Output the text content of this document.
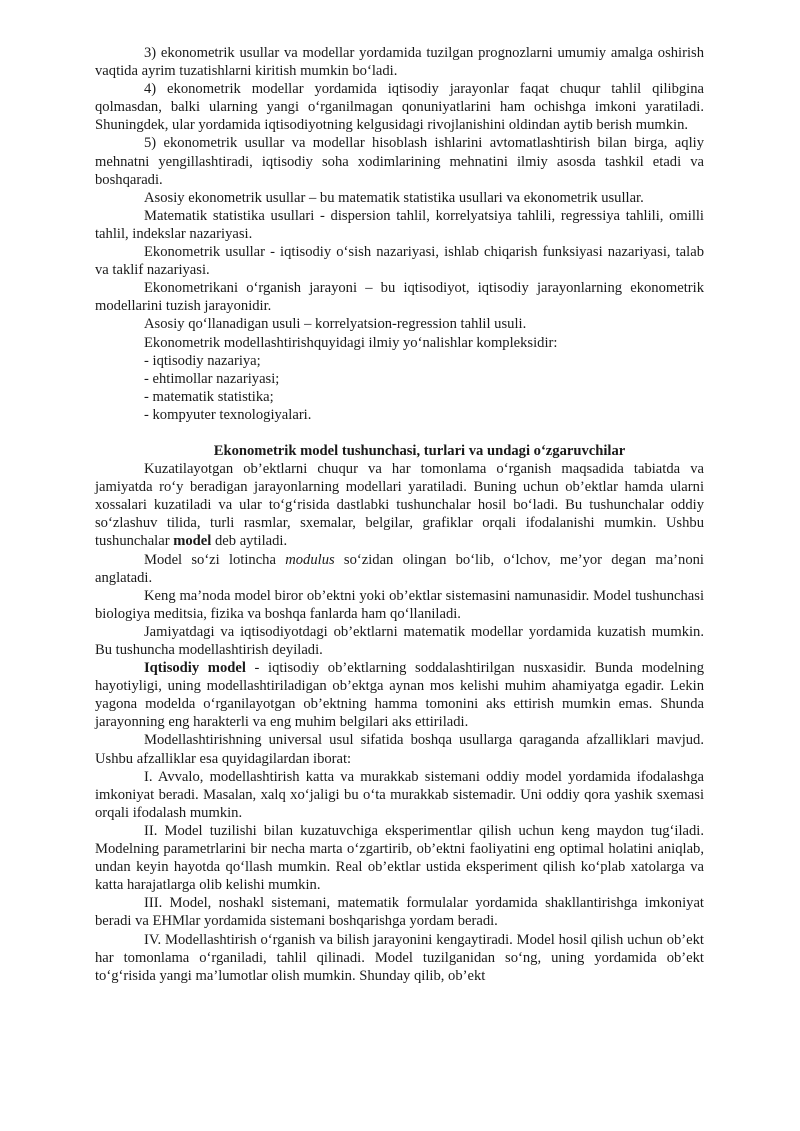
3) ekonometrik usullar va modellar yordamida tuzilgan prognozlarni umumiy amalga oshirish vaqtida ayrim tuzatishlarni kiritish mumkin bo‘ladi.

4) ekonometrik modellar yordamida iqtisodiy jarayonlar faqat chuqur tahlil qilibgina qolmasdan, balki ularning yangi o‘rganilmagan qonuniyatlarini ham ochishga imkoni yaratiladi. Shuningdek, ular yordamida iqtisodiyotning kelgusidagi rivojlanishini oldindan aytib berish mumkin.

5) ekonometrik usullar va modellar hisoblash ishlarini avtomatlashtirish bilan birga, aqliy mehnatni yengillashtiradi, iqtisodiy soha xodimlarining mehnatini ilmiy asosda tashkil etadi va boshqaradi.

Asosiy ekonometrik usullar – bu matematik statistika usullari va ekonometrik usullar.

Matematik statistika usullari - dispersion tahlil, korrelyatsiya tahlili, regressiya tahlili, omilli tahlil, indekslar nazariyasi.

Ekonometrik usullar - iqtisodiy o‘sish nazariyasi, ishlab chiqarish funksiyasi nazariyasi, talab va taklif nazariyasi.

Ekonometrikani o‘rganish jarayoni – bu iqtisodiyot, iqtisodiy jarayonlarning ekonometrik modellarini tuzish jarayonidir.

Asosiy qo‘llanadigan usuli – korrelyatsion-regression tahlil usuli.

Ekonometrik modellashtirishquyidagi ilmiy yo‘nalishlar kompleksidir:

- iqtisodiy nazariya;

- ehtimollar nazariyasi;

- matematik statistika;

- kompyuter texnologiyalari.

Ekonometrik model tushunchasi, turlari va undagi o‘zgaruvchilar

Kuzatilayotgan ob’ektlarni chuqur va har tomonlama o‘rganish maqsadida tabiatda va jamiyatda ro‘y beradigan jarayonlarning modellari yaratiladi. Buning uchun ob’ektlar hamda ularni xossalari kuzatiladi va ular to‘g‘risida dastlabki tushunchalar hosil bo‘ladi. Bu tushunchalar oddiy so‘zlashuv tilida, turli rasmlar, sxemalar, belgilar, grafiklar orqali ifodalanishi mumkin. Ushbu tushunchalar model deb aytiladi.

Model so‘zi lotincha modulus so‘zidan olingan bo‘lib, o‘lchov, me’yor degan ma’noni anglatadi.

Keng ma’noda model biror ob’ektni yoki ob’ektlar sistemasini namunasidir. Model tushunchasi biologiya meditsia, fizika va boshqa fanlarda ham qo‘llaniladi.

Jamiyatdagi va iqtisodiyotdagi ob’ektlarni matematik modellar yordamida kuzatish mumkin. Bu tushuncha modellashtirish deyiladi.

Iqtisodiy model - iqtisodiy ob’ektlarning soddalashtirilgan nusxasidir. Bunda modelning hayotiyligi, uning modellashtiriladigan ob’ektga aynan mos kelishi muhim ahamiyatga egadir. Lekin yagona modelda o‘rganilayotgan ob’ektning hamma tomonini aks ettirish mumkin emas. Shunda jarayonning eng harakterli va eng muhim belgilari aks ettiriladi.

Modellashtirishning universal usul sifatida boshqa usullarga qaraganda afzalliklari mavjud. Ushbu afzalliklar esa quyidagilardan iborat:

I. Avvalo, modellashtirish katta va murakkab sistemani oddiy model yordamida ifodalashga imkoniyat beradi. Masalan, xalq xo‘jaligi bu o‘ta murakkab sistemadir. Uni oddiy qora yashik sxemasi orqali ifodalash mumkin.

II. Model tuzilishi bilan kuzatuvchiga eksperimentlar qilish uchun keng maydon tug‘iladi. Modelning parametrlarini bir necha marta o‘zgartirib, ob’ektni faoliyatini eng optimal holatini aniqlab, undan keyin hayotda qo‘llash mumkin. Real ob’ektlar ustida eksperiment qilish ko‘plab xatolarga va katta harajatlarga olib kelishi mumkin.

III. Model, noshakl sistemani, matematik formulalar yordamida shakllantirishga imkoniyat beradi va EHMlar yordamida sistemani boshqarishga yordam beradi.

IV. Modellashtirish o‘rganish va bilish jarayonini kengaytiradi. Model hosil qilish uchun ob’ekt har tomonlama o‘rganiladi, tahlil qilinadi. Model tuzilganidan so‘ng, uning yordamida ob’ekt to‘g‘risida yangi ma’lumotlar olish mumkin. Shunday qilib, ob’ekt
